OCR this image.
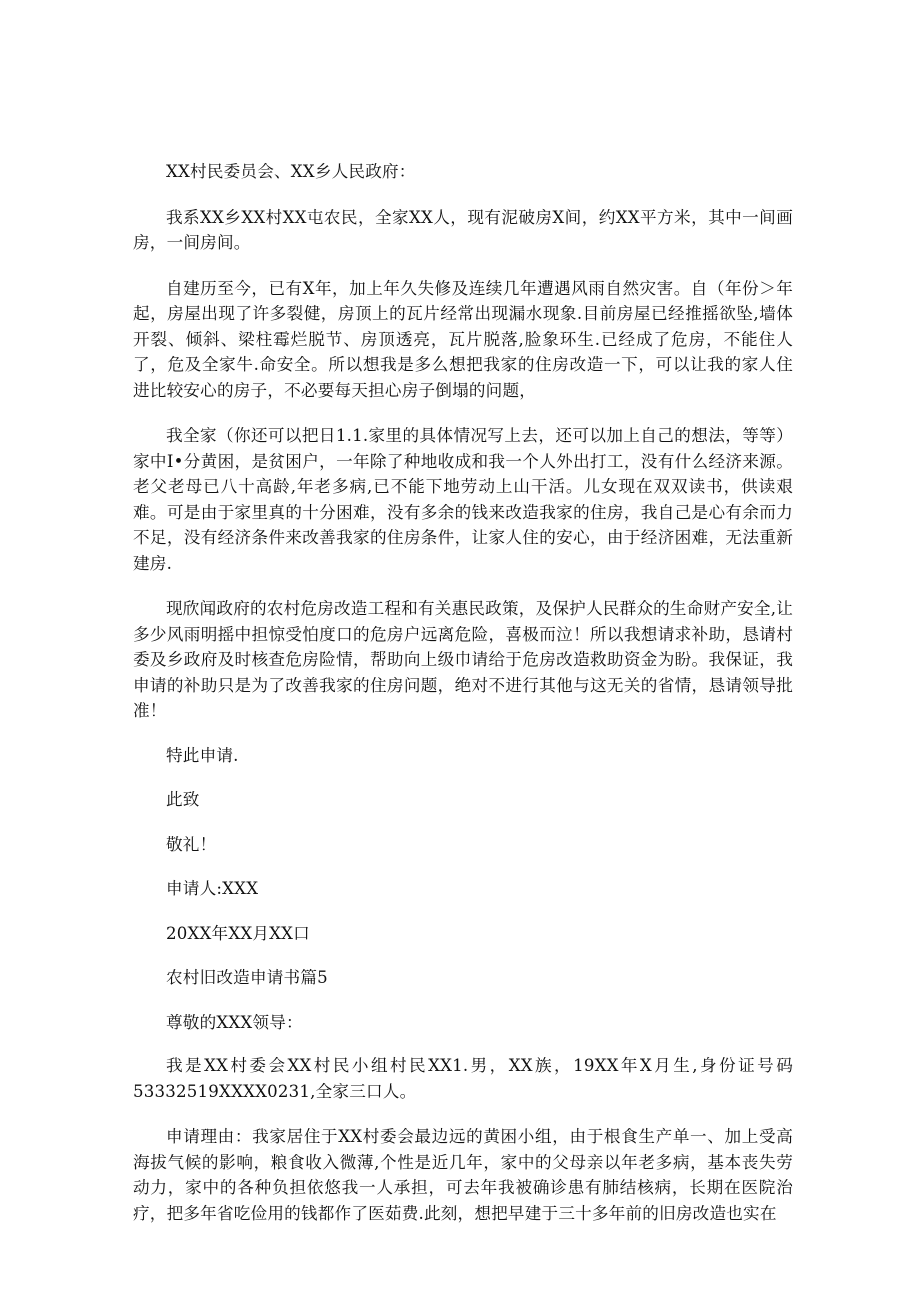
XX村民委员会、XX乡人民政府：

我系XX乡XX村XX屯农民，全家XX人，现有泥破房X间，约XX平方米，其中一间画房，一间房间。

自建历至今，已有X年，加上年久失修及连续几年遭遇风雨自然灾害。自（年份＞年起，房屋出现了许多裂健，房顶上的瓦片经常出现漏水现象.目前房屋已经推摇欲坠,墙体开裂、倾斜、梁柱霉烂脱节、房顶透亮，瓦片脱落,脸象环生.已经成了危房，不能住人了，危及全家牛.命安全。所以想我是多么想把我家的住房改造一下，可以让我的家人住进比较安心的房子，不必要每天担心房子倒塌的问题，

我全家（你还可以把日1.1.家里的具体情况写上去，还可以加上自己的想法，等等）家中I•分黄困，是贫困户，一年除了种地收成和我一个人外出打工，没有什么经济来源。老父老母已八十高龄,年老多病,已不能下地劳动上山干活。儿女现在双双读书，供读艰难。可是由于家里真的十分困难，没有多余的钱来改造我家的住房，我自己是心有余而力不足，没有经济条件来改善我家的住房条件，让家人住的安心，由于经济困难，无法重新建房.

现欣闻政府的农村危房改造工程和有关惠民政策，及保护人民群众的生命财产安全,让多少风雨明摇中担惊受怕度口的危房户远离危险，喜极而泣！所以我想请求补助，恳请村委及乡政府及时核查危房险情，帮助向上级巾请给于危房改造救助资金为盼。我保证，我申请的补助只是为了改善我家的住房问题，绝对不进行其他与这无关的省情，恳请领导批准！

特此申请.

此致

敬礼！

申请人:XXX

20XX年XX月XX口

农村旧改造申请书篇5

尊敬的XXX领导：

我是XX村委会XX村民小组村民XX1.男，XX族，19XX年X月生,身份证号码53332519XXXX0231,全家三口人。

申请理由：我家居住于XX村委会最边远的黄困小组，由于根食生产单一、加上受高海拔气候的影响，粮食收入微薄,个性是近几年，家中的父母亲以年老多病，基本丧失劳动力，家中的各种负担依悠我一人承担，可去年我被确诊患有肺结核病，长期在医院治疗，把多年省吃俭用的钱都作了医茹费.此刻，想把早建于三十多年前的旧房改造也实在
